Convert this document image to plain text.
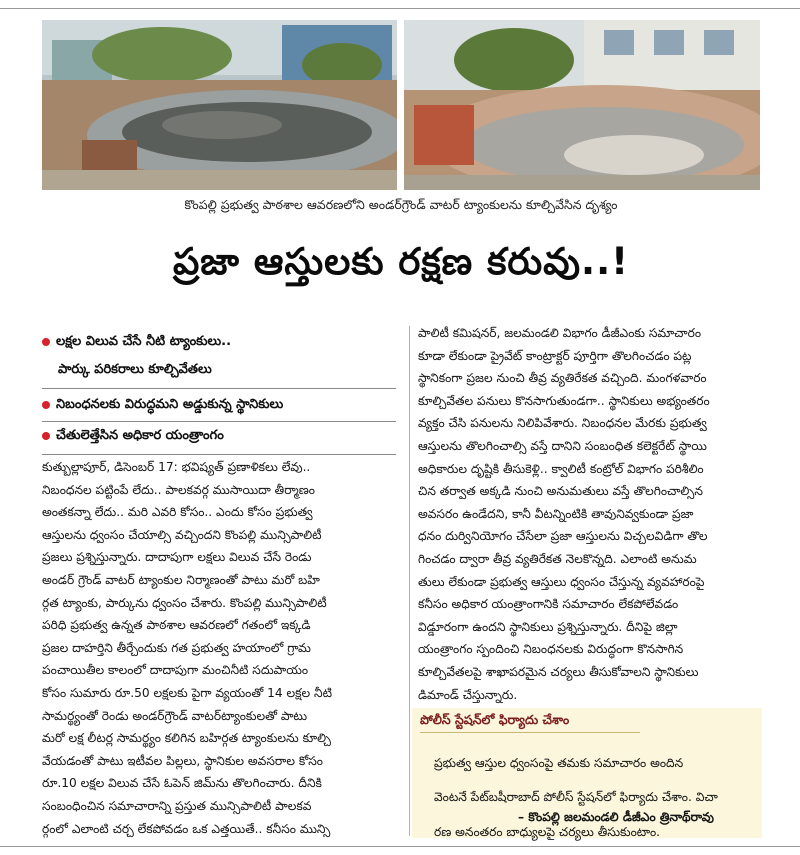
కొంపల్లి ప్రభుత్వ పాఠశాల ఆవరణలోని అండర్‌గ్రౌండ్‌ వాటర్‌ ట్యాంకులను కూల్చివేసిన దృశ్యం
ప్రజా ఆస్తులకు రక్షణ కరువు..!
లక్షల విలువ చేసే నీటి ట్యాంకులు..
పార్కు పరికరాలు కూల్చివేతలు
నిబంధనలకు విరుద్ధమని అడ్డుకున్న స్థానికులు
చేతులెత్తేసిన అధికార యంత్రాంగం

కుత్బుల్లాపూర్‌, డిసెంబర్‌ 17: భవిష్యత్‌ ప్రణాళికలు లేవు..

నిబంధనల పట్టింపే లేదు.. పాలకవర్గ ముసాయిదా తీర్మాణం

అంతకన్నా లేదు.. మరి ఎవరి కోసం.. ఎందు కోసం ప్రభుత్వ

ఆస్తులను ధ్వంసం చేయాల్సి వచ్చిందని కొంపల్లి మున్సిపాలిటీ

ప్రజలు ప్రశ్నిస్తున్నారు. దాదాపుగా లక్షలు విలువ చేసే రెండు

అండర్‌ గ్రౌండ్‌ వాటర్‌ ట్యాంకుల నిర్మాణంతో పాటు మరో బహి

ర్గత ట్యాంకు, పార్కును ధ్వంసం చేశారు. కొంపల్లి మున్సిపాలిటీ

పరిధి ప్రభుత్వ ఉన్నత పాఠశాల ఆవరణలో గతంలో ఇక్కడి

ప్రజల దాహర్తిని తీర్చేందుకు గత ప్రభుత్వ హయాంలో గ్రామ

పంచాయితీల కాలంలో దాదాపుగా మంచినీటి సదుపాయం

కోసం సుమారు రూ.50 లక్షలకు పైగా వ్యయంతో 14 లక్షల నీటి

సామర్థ్యంతో రెండు అండర్‌గ్రౌండ్‌ వాటర్‌ట్యాంకులతో పాటు

మరో లక్ష లీటర్ల సామర్థ్యం కలిగిన బహిర్గత ట్యాంకులను కూల్చి

వేయడంతో పాటు ఇటీవల పిల్లలు, స్థానికుల అవసరాల కోసం

రూ.10 లక్షల విలువ చేసే ఓపెన్‌ జిమ్‌ను తొలగించారు. దీనికి

సంబంధించిన సమాచారాన్ని ప్రస్తుత మున్సిపాలిటీ పాలకవ

ర్గంలో ఎలాంటి చర్చ లేకపోవడం ఒక ఎత్తయితే.. కనీసం మున్సి

పాలిటీ కమిషనర్‌, జలమండలి విభాగం డీజీఎంకు సమాచారం

కూడా లేకుండా ప్రైవేట్‌ కాంట్రాక్టర్‌ పూర్తిగా తొలగించడం పట్ల

స్థానికంగా ప్రజల నుంచి తీవ్ర వ్యతిరేకత వచ్చింది. మంగళవారం

కూల్చివేతల పనులు కొనసాగుతుండగా.. స్థానికులు అభ్యంతరం

వ్యక్తం చేసి పనులను నిలిపివేశారు. నిబంధనల మేరకు ప్రభుత్వ

ఆస్తులను తొలగించాల్సి వస్తే దానిని సంబంధిత కలెక్టరేట్‌ స్థాయి

అధికారుల దృష్టికి తీసుకెళ్లి.. క్వాలిటీ కంట్రోల్‌ విభాగం పరిశీలిం

చిన తర్వాత అక్కడి నుంచి అనుమతులు వస్తే తొలగించాల్సిన

అవసరం ఉండేదని, కానీ వీటన్నింటికి తావునివ్వకుండా ప్రజా

ధనం దుర్వినియోగం చేసేలా ప్రజా ఆస్తులను విచ్చలవిడిగా తొల

గించడం ద్వారా తీవ్ర వ్యతిరేకత నెలకొన్నది. ఎలాంటి అనుమ

తులు లేకుండా ప్రభుత్వ ఆస్తులు ధ్వంసం చేస్తున్న వ్యవహారంపై

కనీసం అధికార యంత్రాంగానికి సమాచారం లేకపోలేవడం

విడ్డూరంగా ఉందని స్థానికులు ప్రశ్నిస్తున్నారు. దీనిపై జిల్లా

యంత్రాంగం స్పందించి నిబంధనలకు విరుద్ధంగా కొనసాగిన

కూల్చివేతలపై శాఖాపరమైన చర్యలు తీసుకోవాలని స్థానికులు

డిమాండ్‌ చేస్తున్నారు.

పోలీస్‌ స్టేషన్‌లో ఫిర్యాదు చేశాం

ప్రభుత్వ ఆస్తుల ధ్వంసంపై తమకు సమాచారం అందిన

వెంటనే పేట్‌బషీరాబాద్‌ పోలీస్‌ స్టేషన్‌లో ఫిర్యాదు చేశాం. విచా

రణ అనంతరం బాధ్యులపై చర్యలు తీసుకుంటాం.

– కొంపల్లి జలమండలి డీజీఎం త్రినాథ్‌రావు
